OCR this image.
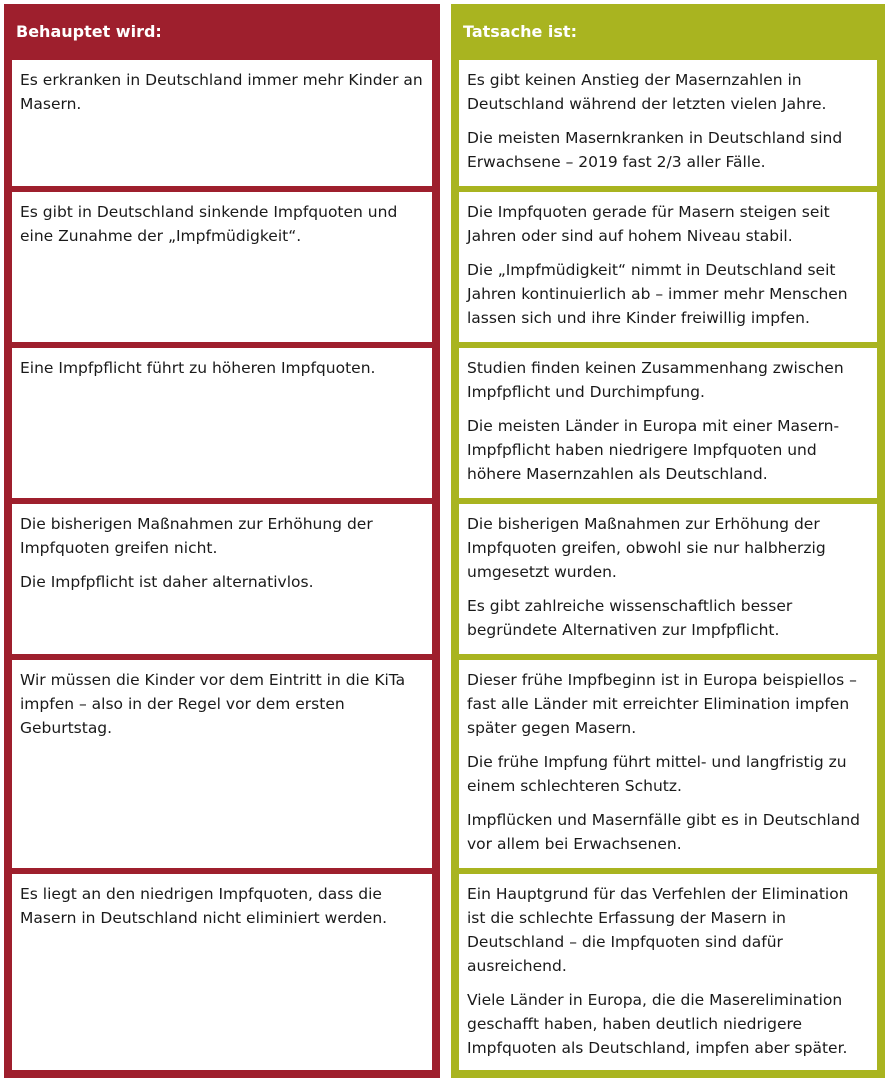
Behauptet wird:

Es erkranken in Deutschland immer mehr Kinder an Masern.

Es gibt in Deutschland sinkende Impfquoten und eine Zunahme der „Impfmüdigkeit“.

Eine Impfpflicht führt zu höheren Impfquoten.

Die bisherigen Maßnahmen zur Erhöhung der Impfquoten greifen nicht.

Die Impfpflicht ist daher alternativlos.

Wir müssen die Kinder vor dem Eintritt in die KiTa impfen – also in der Regel vor dem ersten Geburtstag.

Es liegt an den niedrigen Impfquoten, dass die Masern in Deutschland nicht eliminiert werden.

Tatsache ist:

Es gibt keinen Anstieg der Masernzahlen in Deutschland während der letzten vielen Jahre.

Die meisten Masernkranken in Deutschland sind Erwachsene – 2019 fast 2/3 aller Fälle.

Die Impfquoten gerade für Masern steigen seit Jahren oder sind auf hohem Niveau stabil.

Die „Impfmüdigkeit“ nimmt in Deutschland seit Jahren kontinuierlich ab – immer mehr Menschen lassen sich und ihre Kinder freiwillig impfen.

Studien finden keinen Zusammenhang zwischen Impfpflicht und Durchimpfung.

Die meisten Länder in Europa mit einer Masern-Impfpflicht haben niedrigere Impfquoten und höhere Masernzahlen als Deutschland.

Die bisherigen Maßnahmen zur Erhöhung der Impfquoten greifen, obwohl sie nur halbherzig umgesetzt wurden.

Es gibt zahlreiche wissenschaftlich besser begründete Alternativen zur Impfpflicht.

Dieser frühe Impfbeginn ist in Europa beispiellos – fast alle Länder mit erreichter Elimination impfen später gegen Masern.

Die frühe Impfung führt mittel- und langfristig zu einem schlechteren Schutz.

Impflücken und Masernfälle gibt es in Deutschland vor allem bei Erwachsenen.

Ein Hauptgrund für das Verfehlen der Elimination ist die schlechte Erfassung der Masern in Deutschland – die Impfquoten sind dafür ausreichend.

Viele Länder in Europa, die die Maserelimination geschafft haben, haben deutlich niedrigere Impfquoten als Deutschland, impfen aber später.
